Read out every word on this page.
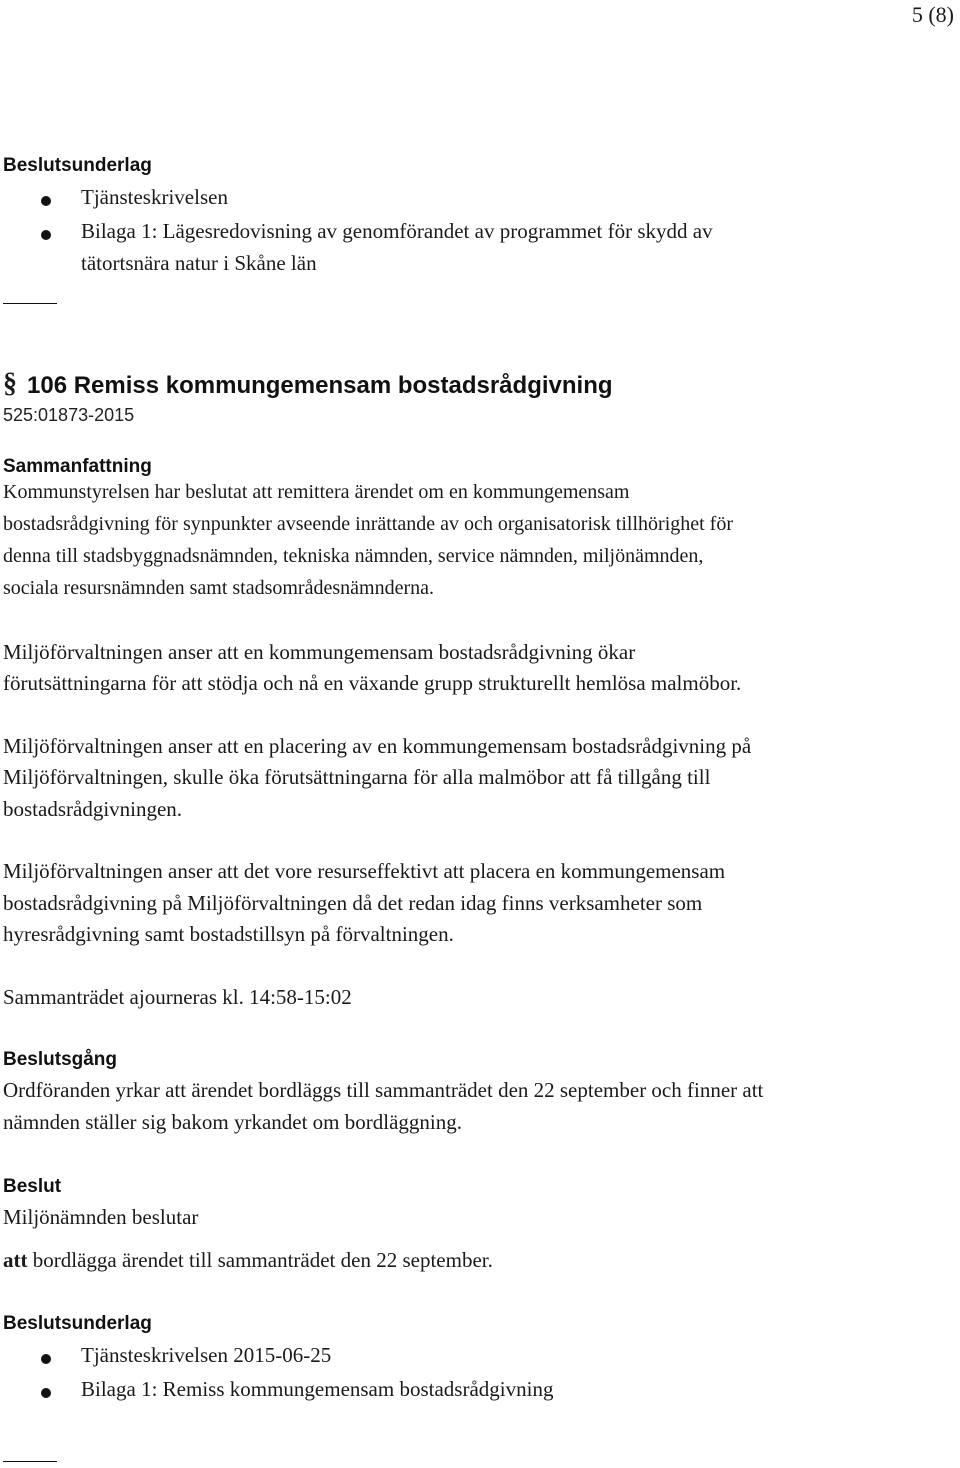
5 (8)
Beslutsunderlag
Tjänsteskrivelsen
Bilaga 1: Lägesredovisning av genomförandet av programmet för skydd av
tätortsnära natur i Skåne län
§ 106 Remiss kommungemensam bostadsrådgivning
525:01873-2015
Sammanfattning
Kommunstyrelsen har beslutat att remittera ärendet om en kommungemensam
bostadsrådgivning för synpunkter avseende inrättande av och organisatorisk tillhörighet för
denna till stadsbyggnadsnämnden, tekniska nämnden, service nämnden, miljönämnden,
sociala resursnämnden samt stadsområdesnämnderna.
Miljöförvaltningen anser att en kommungemensam bostadsrådgivning ökar
förutsättningarna för att stödja och nå en växande grupp strukturellt hemlösa malmöbor.
Miljöförvaltningen anser att en placering av en kommungemensam bostadsrådgivning på
Miljöförvaltningen, skulle öka förutsättningarna för alla malmöbor att få tillgång till
bostadsrådgivningen.
Miljöförvaltningen anser att det vore resurseffektivt att placera en kommungemensam
bostadsrådgivning på Miljöförvaltningen då det redan idag finns verksamheter som
hyresrådgivning samt bostadstillsyn på förvaltningen.
Sammanträdet ajourneras kl. 14:58-15:02
Beslutsgång
Ordföranden yrkar att ärendet bordläggs till sammanträdet den 22 september och finner att
nämnden ställer sig bakom yrkandet om bordläggning.
Beslut
Miljönämnden beslutar
att bordlägga ärendet till sammanträdet den 22 september.
Beslutsunderlag
Tjänsteskrivelsen 2015-06-25
Bilaga 1: Remiss kommungemensam bostadsrådgivning
